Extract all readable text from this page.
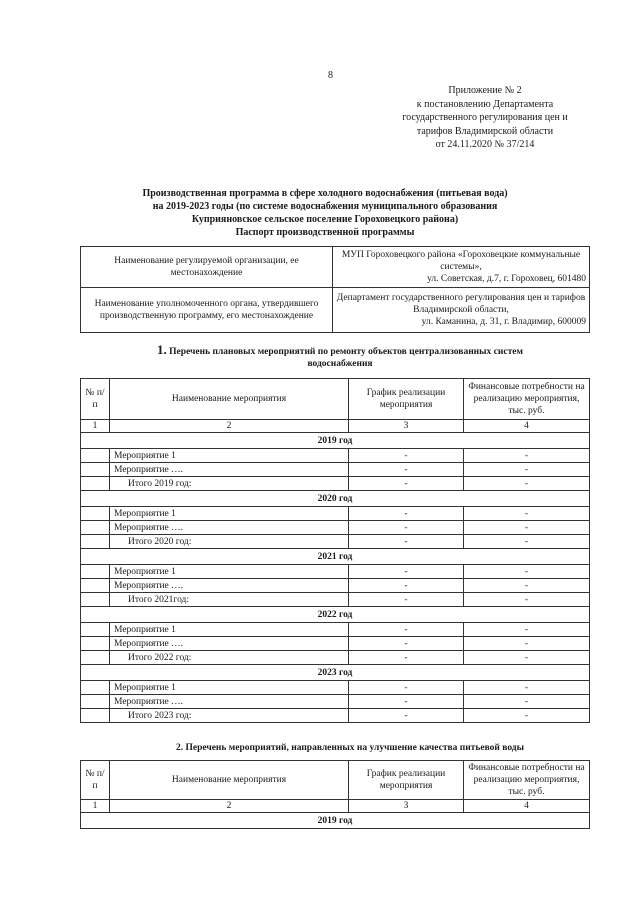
8
Приложение № 2
к постановлению Департамента
государственного регулирования цен и
тарифов Владимирской области
от 24.11.2020 № 37/214
Производственная программа в сфере холодного водоснабжения (питьевая вода)
на 2019-2023 годы (по системе водоснабжения муниципального образования
Куприяновское сельское поселение Гороховецкого района)
Паспорт производственной программы
Наименование регулируемой организации, ее местонахождение	МУП Гороховецкого района «Гороховецкие коммунальные системы»,
ул. Советская, д.7, г. Гороховец, 601480

Наименование уполномоченного органа, утвердившего производственную программу, его местонахождение	Департамент государственного регулирования цен и тарифов Владимирской области,
ул. Каманина, д. 31, г. Владимир, 600009
1. Перечень плановых мероприятий по ремонту объектов централизованных систем
водоснабжения
№ п/п	Наименование мероприятия	График реализации мероприятия	Финансовые потребности на реализацию мероприятия, тыс. руб.
1	2	3	4
2019 год			
	Мероприятие 1	-	-
	Мероприятие ….	-	-
	Итого 2019 год:	-	-
2020 год			
	Мероприятие 1	-	-
	Мероприятие ….	-	-
	Итого 2020 год:	-	-
2021 год			
	Мероприятие 1	-	-
	Мероприятие ….	-	-
	Итого 2021год:	-	-
2022 год			
	Мероприятие 1	-	-
	Мероприятие ….	-	-
	Итого 2022 год:	-	-
2023 год			
	Мероприятие 1	-	-
	Мероприятие ….	-	-
	Итого 2023 год:	-	-
2. Перечень мероприятий, направленных на улучшение качества питьевой воды
№ п/п	Наименование мероприятия	График реализации мероприятия	Финансовые потребности на реализацию мероприятия, тыс. руб.
1	2	3	4
2019 год			
